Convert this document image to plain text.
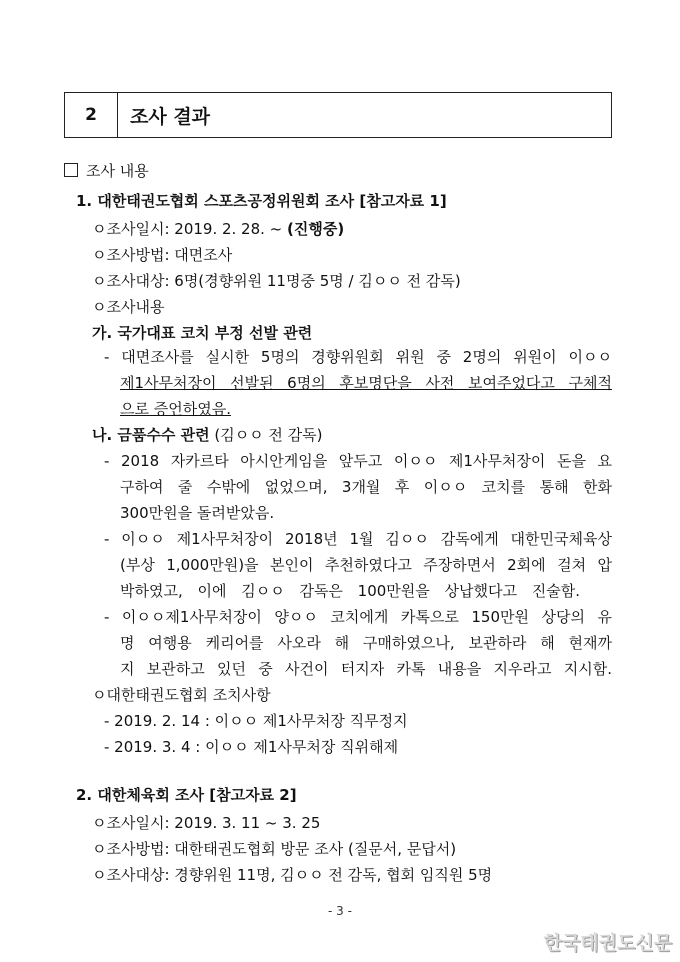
2	조사 결과
조사 내용
1. 대한태권도협회 스포츠공정위원회 조사 [참고자료 1]
ㅇ조사일시: 2019. 2. 28. ~ (진행중)
ㅇ조사방법: 대면조사
ㅇ조사대상: 6명(경향위원 11명중 5명 / 김ㅇㅇ 전 감독)
ㅇ조사내용
가. 국가대표 코치 부정 선발 관련
- 대면조사를 실시한 5명의 경향위원회 위원 중 2명의 위원이 이ㅇㅇ
제1사무처장이 선발된 6명의 후보명단을 사전 보여주었다고 구체적
으로 증언하였음.
나. 금품수수 관련 (김ㅇㅇ 전 감독)
- 2018 자카르타 아시안게임을 앞두고 이ㅇㅇ 제1사무처장이 돈을 요
구하여 줄 수밖에 없었으며, 3개월 후 이ㅇㅇ 코치를 통해 한화
300만원을 돌려받았음.
- 이ㅇㅇ 제1사무처장이 2018년 1월 김ㅇㅇ 감독에게 대한민국체육상
(부상 1,000만원)을 본인이 추천하였다고 주장하면서 2회에 걸쳐 압
박하였고, 이에 김ㅇㅇ 감독은 100만원을 상납했다고 진술함.
- 이ㅇㅇ제1사무처장이 양ㅇㅇ 코치에게 카톡으로 150만원 상당의 유
명 여행용 케리어를 사오라 해 구매하였으나, 보관하라 해 현재까
지 보관하고 있던 중 사건이 터지자 카톡 내용을 지우라고 지시함.
ㅇ대한태권도협회 조치사항
- 2019. 2. 14 : 이ㅇㅇ 제1사무처장 직무정지
- 2019. 3. 4 : 이ㅇㅇ 제1사무처장 직위해제
2. 대한체육회 조사 [참고자료 2]
ㅇ조사일시: 2019. 3. 11 ~ 3. 25
ㅇ조사방법: 대한태권도협회 방문 조사 (질문서, 문답서)
ㅇ조사대상: 경향위원 11명, 김ㅇㅇ 전 감독, 협회 임직원 5명
- 3 -
한국태권도신문
